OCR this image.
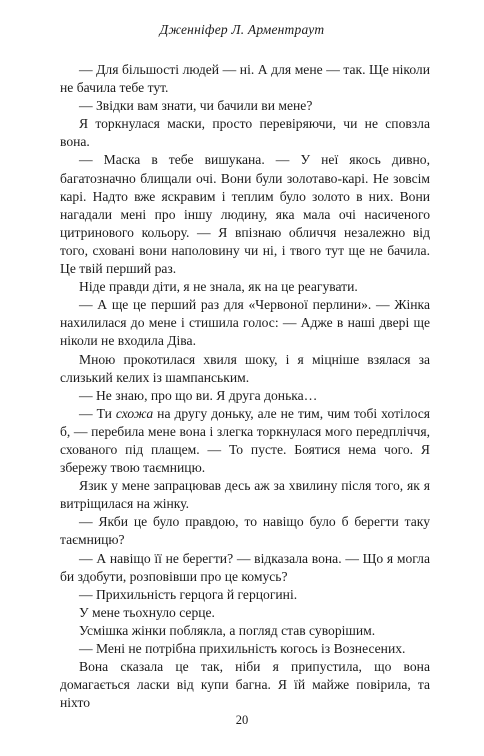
Дженніфер Л. Арментраут

— Для більшості людей — ні. А для мене — так. Ще ніколи не бачила тебе тут.

— Звідки вам знати, чи бачили ви мене?

Я торкнулася маски, просто перевіряючи, чи не сповзла вона.

— Маска в тебе вишукана. — У неї якось дивно, багатозначно блищали очі. Вони були золотаво-карі. Не зовсім карі. Надто вже яскравим і теплим було золото в них. Вони нагадали мені про іншу людину, яка мала очі насиченого цитринового кольору. — Я впізнаю обличчя незалежно від того, сховані вони наполовину чи ні, і твого тут ще не бачила. Це твій перший раз.

Ніде правди діти, я не знала, як на це реагувати.

— А ще це перший раз для «Червоної перлини». — Жінка нахилилася до мене і стишила голос: — Адже в наші двері ще ніколи не входила Діва.

Мною прокотилася хвиля шоку, і я міцніше взялася за слизький келих із шампанським.

— Не знаю, про що ви. Я друга донька…

— Ти схожа на другу доньку, але не тим, чим тобі хотілося б, — перебила мене вона і злегка торкнулася мого передпліччя, схованого під плащем. — То пусте. Боятися нема чого. Я збережу твою таємницю.

Язик у мене запрацював десь аж за хвилину після того, як я витріщилася на жінку.

— Якби це було правдою, то навіщо було б берегти таку таємницю?

— А навіщо її не берегти? — відказала вона. — Що я могла би здобути, розповівши про це комусь?

— Прихильність герцога й герцогині.

У мене тьохнуло серце.

Усмішка жінки поблякла, а погляд став суворішим.

— Мені не потрібна прихильність когось із Вознесених.

Вона сказала це так, ніби я припустила, що вона домагається ласки від купи багна. Я їй майже повірила, та ніхто

20
